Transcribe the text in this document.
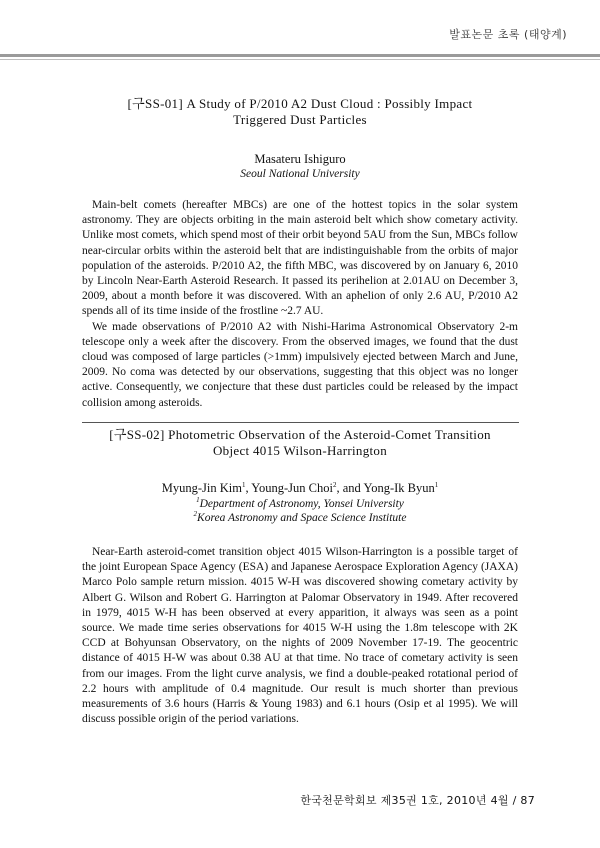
발표논문 초록 (태양계)
[구SS-01] A Study of P/2010 A2 Dust Cloud : Possibly Impact
Triggered Dust Particles

Masateru Ishiguro

Seoul National University

Main-belt comets (hereafter MBCs) are one of the hottest topics in the solar system astronomy. They are objects orbiting in the main asteroid belt which show cometary activity. Unlike most comets, which spend most of their orbit beyond 5AU from the Sun, MBCs follow near-circular orbits within the asteroid belt that are indistinguishable from the orbits of major population of the asteroids. P/2010 A2, the fifth MBC, was discovered by on January 6, 2010 by Lincoln Near-Earth Asteroid Research. It passed its perihelion at 2.01AU on December 3, 2009, about a month before it was discovered. With an aphelion of only 2.6 AU, P/2010 A2 spends all of its time inside of the frostline ~2.7 AU.

We made observations of P/2010 A2 with Nishi-Harima Astronomical Observatory 2-m telescope only a week after the discovery. From the observed images, we found that the dust cloud was composed of large particles (>1mm) impulsively ejected between March and June, 2009. No coma was detected by our observations, suggesting that this object was no longer active. Consequently, we conjecture that these dust particles could be released by the impact collision among asteroids.

[구SS-02] Photometric Observation of the Asteroid-Comet Transition
Object 4015 Wilson-Harrington

Myung-Jin Kim$^1$, Young-Jun Choi$^2$, and Yong-Ik Byun$^1$

$^1$Department of Astronomy, Yonsei University

$^2$Korea Astronomy and Space Science Institute

Near-Earth asteroid-comet transition object 4015 Wilson-Harrington is a possible target of the joint European Space Agency (ESA) and Japanese Aerospace Exploration Agency (JAXA) Marco Polo sample return mission. 4015 W-H was discovered showing cometary activity by Albert G. Wilson and Robert G. Harrington at Palomar Observatory in 1949. After recovered in 1979, 4015 W-H has been observed at every apparition, it always was seen as a point source. We made time series observations for 4015 W-H using the 1.8m telescope with 2K CCD at Bohyunsan Observatory, on the nights of 2009 November 17-19. The geocentric distance of 4015 H-W was about 0.38 AU at that time. No trace of cometary activity is seen from our images. From the light curve analysis, we find a double-peaked rotational period of 2.2 hours with amplitude of 0.4 magnitude. Our result is much shorter than previous measurements of 3.6 hours (Harris & Young 1983) and 6.1 hours (Osip et al 1995). We will discuss possible origin of the period variations.

한국천문학회보 제35권 1호, 2010년 4월 / 87
